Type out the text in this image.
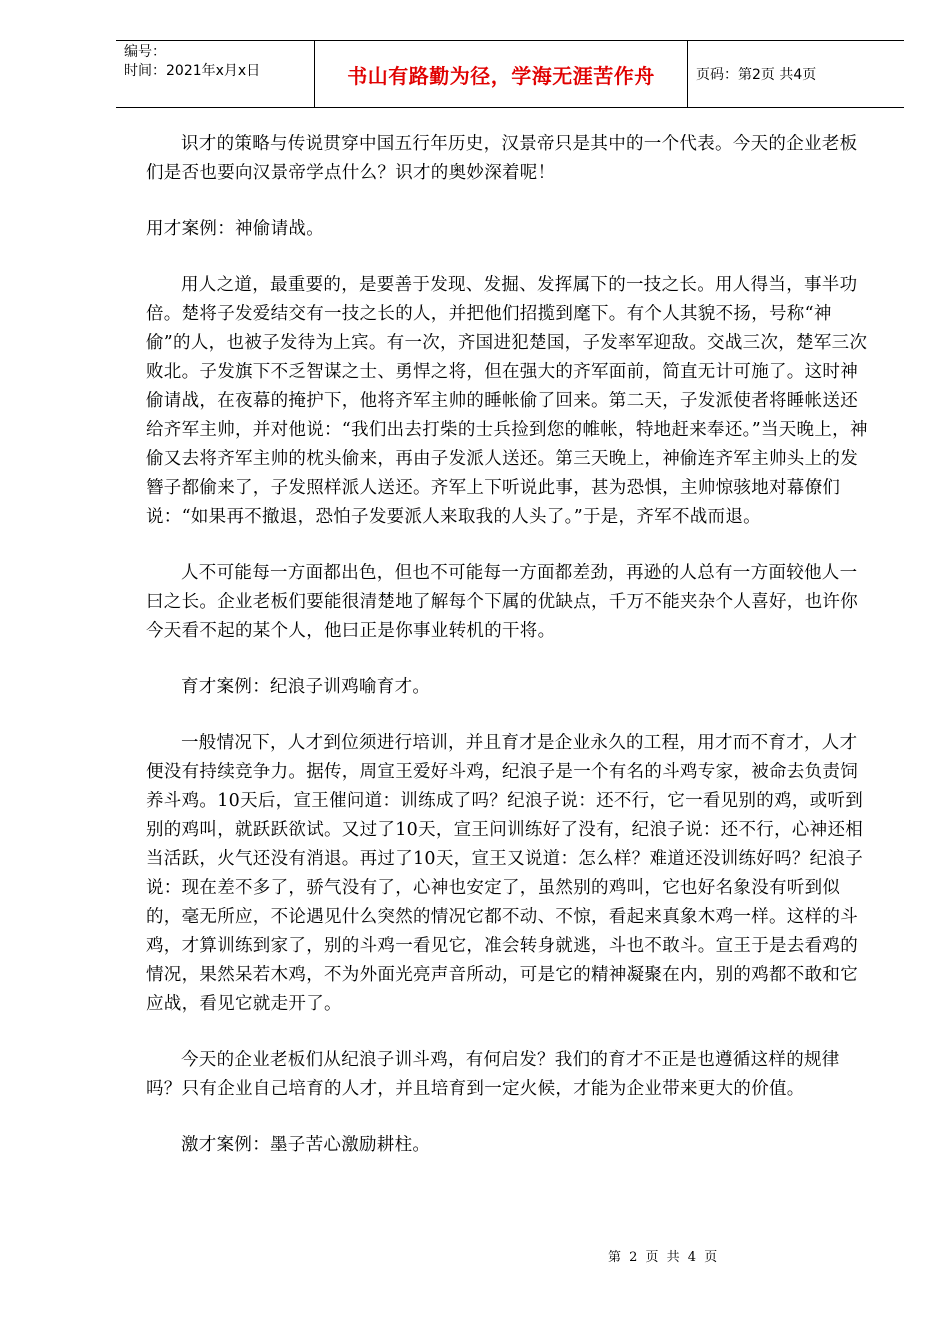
编号：
时间：2021年x月x日	书山有路勤为径，学海无涯苦作舟	页码：第2页 共4页

识才的策略与传说贯穿中国五行年历史，汉景帝只是其中的一个代表。今天的企业老板们是否也要向汉景帝学点什么？识才的奥妙深着呢！

用才案例：神偷请战。

用人之道，最重要的，是要善于发现、发掘、发挥属下的一技之长。用人得当，事半功倍。楚将子发爱结交有一技之长的人，并把他们招揽到麾下。有个人其貌不扬，号称“神偷”的人，也被子发待为上宾。有一次，齐国进犯楚国，子发率军迎敌。交战三次，楚军三次败北。子发旗下不乏智谋之士、勇悍之将，但在强大的齐军面前，简直无计可施了。这时神偷请战，在夜幕的掩护下，他将齐军主帅的睡帐偷了回来。第二天，子发派使者将睡帐送还给齐军主帅，并对他说：“我们出去打柴的士兵捡到您的帷帐，特地赶来奉还。”当天晚上，神偷又去将齐军主帅的枕头偷来，再由子发派人送还。第三天晚上，神偷连齐军主帅头上的发簪子都偷来了，子发照样派人送还。齐军上下听说此事，甚为恐惧，主帅惊骇地对幕僚们说：“如果再不撤退，恐怕子发要派人来取我的人头了。”于是，齐军不战而退。

人不可能每一方面都出色，但也不可能每一方面都差劲，再逊的人总有一方面较他人一曰之长。企业老板们要能很清楚地了解每个下属的优缺点，千万不能夹杂个人喜好，也许你今天看不起的某个人，他曰正是你事业转机的干将。

育才案例：纪浪子训鸡喻育才。

一般情况下，人才到位须进行培训，并且育才是企业永久的工程，用才而不育才，人才便没有持续竞争力。据传，周宣王爱好斗鸡，纪浪子是一个有名的斗鸡专家，被命去负责饲养斗鸡。10天后，宣王催问道：训练成了吗？纪浪子说：还不行，它一看见别的鸡，或听到别的鸡叫，就跃跃欲试。又过了10天，宣王问训练好了没有，纪浪子说：还不行，心神还相当活跃，火气还没有消退。再过了10天，宣王又说道：怎么样？难道还没训练好吗？纪浪子说：现在差不多了，骄气没有了，心神也安定了，虽然别的鸡叫，它也好名象没有听到似的，毫无所应，不论遇见什么突然的情况它都不动、不惊，看起来真象木鸡一样。这样的斗鸡，才算训练到家了，别的斗鸡一看见它，准会转身就逃，斗也不敢斗。宣王于是去看鸡的情况，果然呆若木鸡，不为外面光亮声音所动，可是它的精神凝聚在内，别的鸡都不敢和它应战，看见它就走开了。

今天的企业老板们从纪浪子训斗鸡，有何启发？我们的育才不正是也遵循这样的规律吗？只有企业自己培育的人才，并且培育到一定火候，才能为企业带来更大的价值。

激才案例：墨子苦心激励耕柱。

第 2 页 共 4 页
